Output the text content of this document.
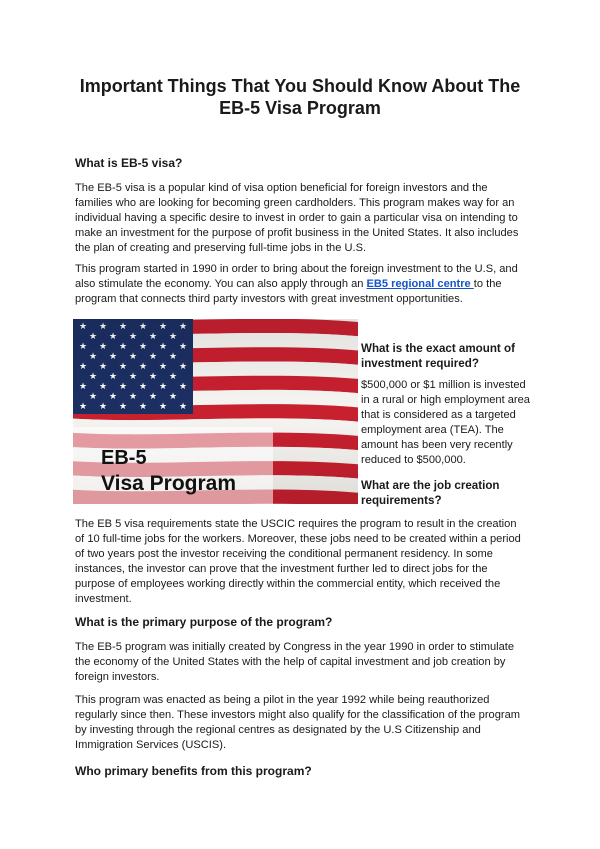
Important Things That You Should Know About The
EB-5 Visa Program

What is EB-5 visa?

The EB-5 visa is a popular kind of visa option beneficial for foreign investors and the families who are looking for becoming green cardholders. This program makes way for an individual having a specific desire to invest in order to gain a particular visa on intending to make an investment for the purpose of profit business in the United States. It also includes the plan of creating and preserving full-time jobs in the U.S.

This program started in 1990 in order to bring about the foreign investment to the U.S, and also stimulate the economy. You can also apply through an EB5 regional centre to the program that connects third party investors with great investment opportunities.

EB-5
Visa Program

What is the exact amount of investment required?

$500,000 or $1 million is invested in a rural or high employment area that is considered as a targeted employment area (TEA). The amount has been very recently reduced to $500,000.

What are the job creation requirements?

The EB 5 visa requirements state the USCIC requires the program to result in the creation of 10 full-time jobs for the workers. Moreover, these jobs need to be created within a period of two years post the investor receiving the conditional permanent residency. In some instances, the investor can prove that the investment further led to direct jobs for the purpose of employees working directly within the commercial entity, which received the investment.

What is the primary purpose of the program?

The EB-5 program was initially created by Congress in the year 1990 in order to stimulate the economy of the United States with the help of capital investment and job creation by foreign investors.

This program was enacted as being a pilot in the year 1992 while being reauthorized regularly since then. These investors might also qualify for the classification of the program by investing through the regional centres as designated by the U.S Citizenship and Immigration Services (USCIS).

Who primary benefits from this program?
